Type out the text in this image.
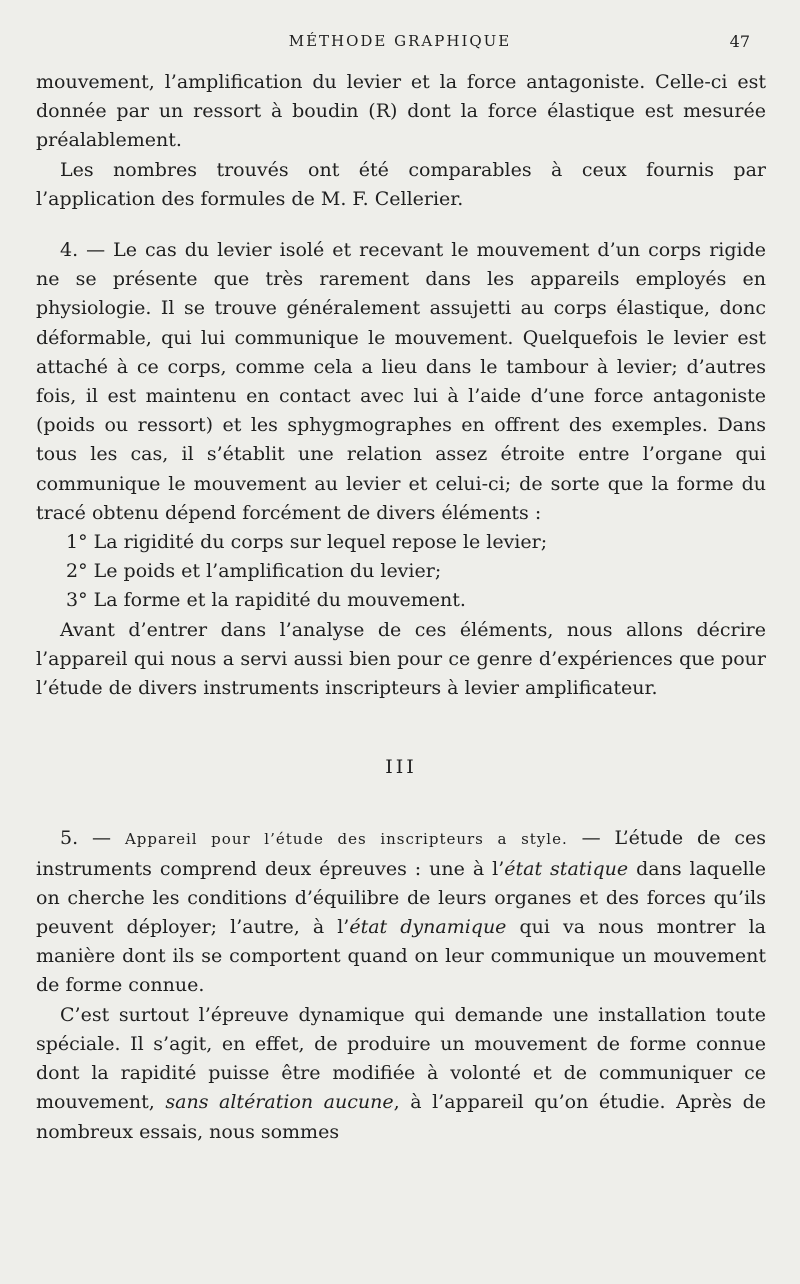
MÉTHODE GRAPHIQUE	47

mouvement, l’amplification du levier et la force antagoniste. Celle-ci est donnée par un ressort à boudin (R) dont la force élastique est mesurée préalablement.

Les nombres trouvés ont été comparables à ceux fournis par l’application des formules de M. F. Cellerier.

4. — Le cas du levier isolé et recevant le mouvement d’un corps rigide ne se présente que très rarement dans les appareils employés en physiologie. Il se trouve généralement assujetti au corps élastique, donc déformable, qui lui communique le mouvement. Quelquefois le levier est attaché à ce corps, comme cela a lieu dans le tambour à levier; d’autres fois, il est maintenu en contact avec lui à l’aide d’une force antagoniste (poids ou ressort) et les sphygmographes en offrent des exemples. Dans tous les cas, il s’établit une relation assez étroite entre l’organe qui communique le mouvement au levier et celui-ci; de sorte que la forme du tracé obtenu dépend forcément de divers éléments :

1° La rigidité du corps sur lequel repose le levier;

2° Le poids et l’amplification du levier;

3° La forme et la rapidité du mouvement.

Avant d’entrer dans l’analyse de ces éléments, nous allons décrire l’appareil qui nous a servi aussi bien pour ce genre d’expériences que pour l’étude de divers instruments inscripteurs à levier amplificateur.

III

5. — Appareil pour l’étude des inscripteurs a style. — L’étude de ces instruments comprend deux épreuves : une à l’état statique dans laquelle on cherche les conditions d’équilibre de leurs organes et des forces qu’ils peuvent déployer; l’autre, à l’état dynamique qui va nous montrer la manière dont ils se comportent quand on leur communique un mouvement de forme connue.

C’est surtout l’épreuve dynamique qui demande une installation toute spéciale. Il s’agit, en effet, de produire un mouvement de forme connue dont la rapidité puisse être modifiée à volonté et de communiquer ce mouvement, sans altération aucune, à l’appareil qu’on étudie. Après de nombreux essais, nous sommes
